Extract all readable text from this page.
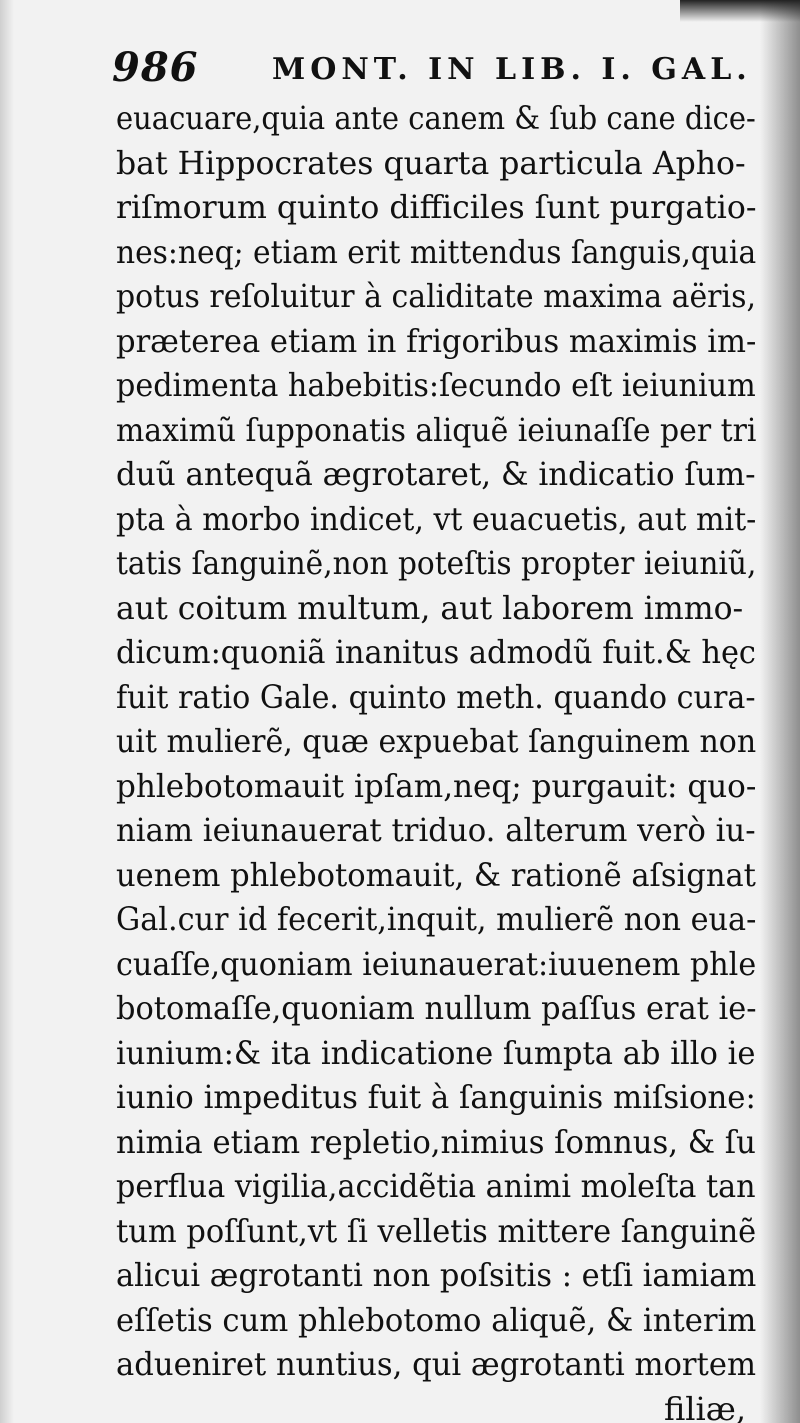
986 MONT. IN LIB. I. GAL.
euacuare,quia ante canem & ſub cane dice-
bat Hippocrates quarta particula Apho-
riſmorum quinto difficiles ſunt purgatio-
nes:neq; etiam erit mittendus ſanguis,quia
potus reſoluitur à caliditate maxima aëris,
præterea etiam in frigoribus maximis im-
pedimenta habebitis:ſecundo eſt ieiunium
maximũ ſupponatis aliquẽ ieiunaſſe per tri
duũ antequã ægrotaret, & indicatio ſum-
pta à morbo indicet, vt euacuetis, aut mit-
tatis ſanguinẽ,non poteſtis propter ieiuniũ,
aut coitum multum, aut laborem immo-
dicum:quoniã inanitus admodũ fuit.& hęc
fuit ratio Gale. quinto meth. quando cura-
uit mulierẽ, quæ expuebat ſanguinem non
phlebotomauit ipſam,neq; purgauit: quo-
niam ieiunauerat triduo. alterum verò iu-
uenem phlebotomauit, & rationẽ aſsignat
Gal.cur id fecerit,inquit, mulierẽ non eua-
cuaſſe,quoniam ieiunauerat:iuuenem phle
botomaſſe,quoniam nullum paſſus erat ie-
iunium:& ita indicatione ſumpta ab illo ie
iunio impeditus fuit à ſanguinis miſsione:
nimia etiam repletio,nimius ſomnus, & ſu
perflua vigilia,accidẽtia animi moleſta tan
tum poſſunt,vt ſi velletis mittere ſanguinẽ
alicui ægrotanti non poſsitis : etſi iamiam
eſſetis cum phlebotomo aliquẽ, & interim
adueniret nuntius, qui ægrotanti mortem
filiæ,
